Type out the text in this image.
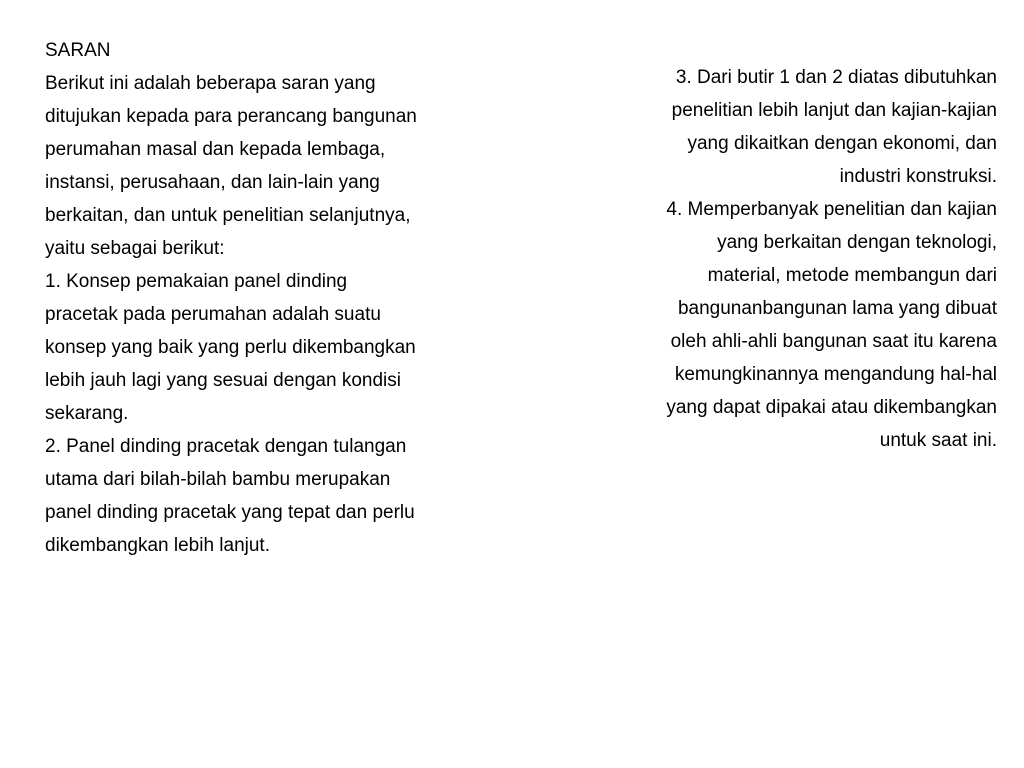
SARAN
Berikut ini adalah beberapa saran yang
ditujukan kepada para perancang bangunan
perumahan masal dan kepada lembaga,
instansi, perusahaan, dan lain-lain yang
berkaitan, dan untuk penelitian selanjutnya,
yaitu sebagai berikut:
1. Konsep pemakaian panel dinding
pracetak pada perumahan adalah suatu
konsep yang baik yang perlu dikembangkan
lebih jauh lagi yang sesuai dengan kondisi
sekarang.
2. Panel dinding pracetak dengan tulangan
utama dari bilah-bilah bambu merupakan
panel dinding pracetak yang tepat dan perlu
dikembangkan lebih lanjut.
3. Dari butir 1 dan 2 diatas dibutuhkan
penelitian lebih lanjut dan kajian-kajian
yang dikaitkan dengan ekonomi, dan
industri konstruksi.
4. Memperbanyak penelitian dan kajian
yang berkaitan dengan teknologi,
material, metode membangun dari
bangunanbangunan lama yang dibuat
oleh ahli-ahli bangunan saat itu karena
kemungkinannya mengandung hal-hal
yang dapat dipakai atau dikembangkan
untuk saat ini.
